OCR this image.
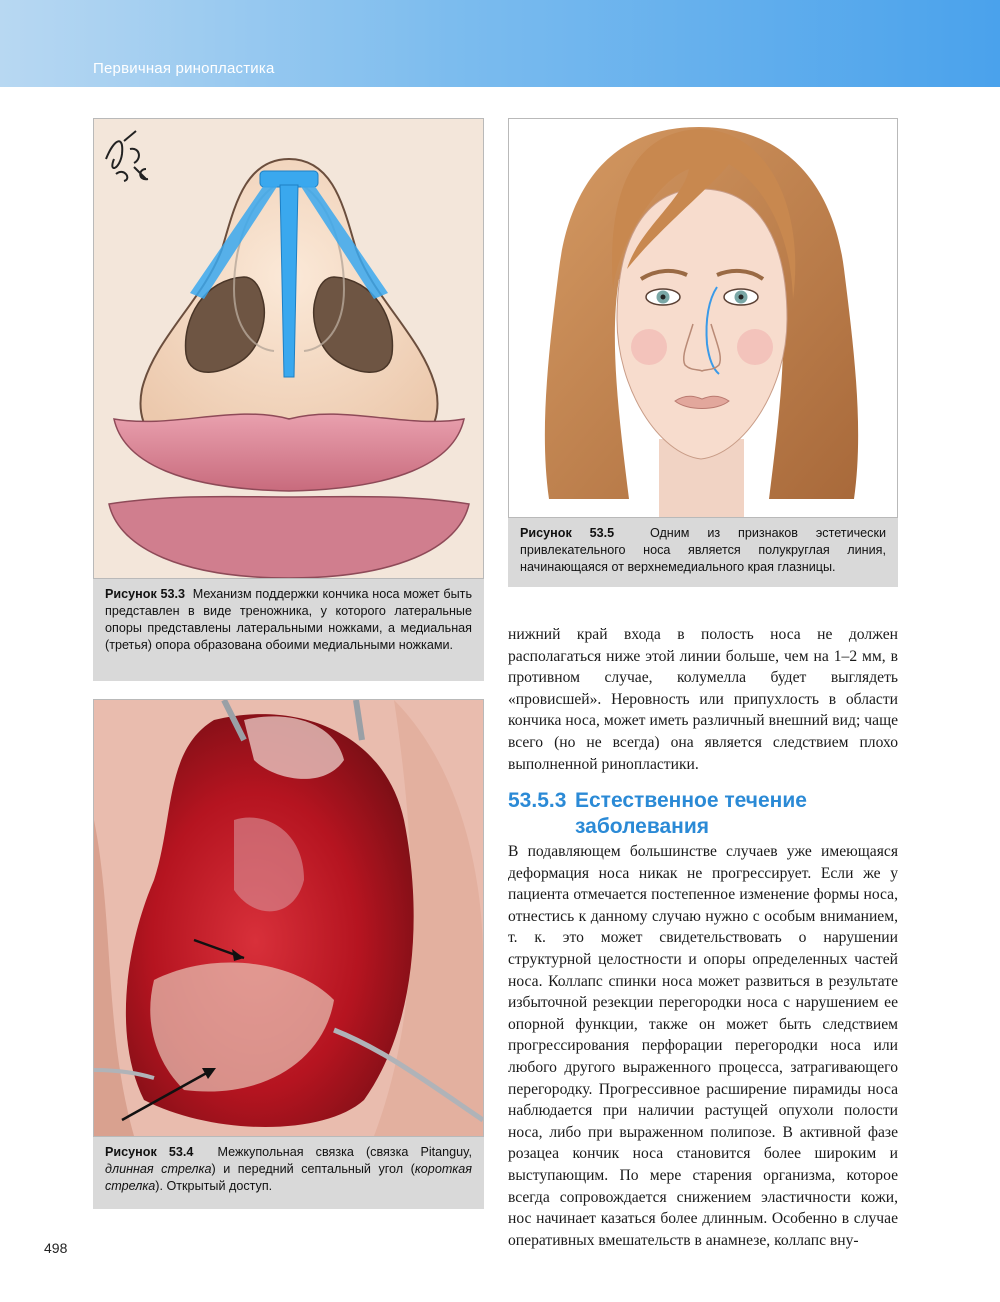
Первичная ринопластика
Рисунок 53.3 Механизм поддержки кончика носа может быть представлен в виде треножника, у которого латеральные опоры представлены латеральными ножками, а медиальная (третья) опора образована обоими медиальными ножками.
Рисунок 53.5	Одним из признаков эстетически привлекательного носа является полукруглая линия, начинающаяся от верхнемедиального края глазницы.
Рисунок 53.4 Межкупольная связка (связка Pitanguy, длинная стрелка) и передний септальный угол (короткая стрелка). Открытый доступ.

нижний край входа в полость носа не должен располагаться ниже этой линии больше, чем на 1–2 мм, в противном случае, колумелла будет выглядеть «провисшей». Неровность или припухлость в области кончика носа, может иметь различный внешний вид; чаще всего (но не всегда) она является следствием плохо выполненной ринопластики.

53.5.3 Естественное течение
заболевания

В подавляющем большинстве случаев уже имеющаяся деформация носа никак не прогрессирует. Если же у пациента отмечается постепенное изменение формы носа, отнестись к данному случаю нужно с особым вниманием, т. к. это может свидетельствовать о нарушении структурной целостности и опоры определенных частей носа. Коллапс спинки носа может развиться в результате избыточной резекции перегородки носа с нарушением ее опорной функции, также он может быть следствием прогрессирования перфорации перегородки носа или любого другого выраженного процесса, затрагивающего перегородку. Прогрессивное расширение пирамиды носа наблюдается при наличии растущей опухоли полости носа, либо при выраженном полипозе. В активной фазе розацеа кончик носа становится более широким и выступающим. По мере старения организма, которое всегда сопровождается снижением эластичности кожи, нос начинает казаться более длинным. Особенно в случае оперативных вмешательств в анамнезе, коллапс вну-

498
